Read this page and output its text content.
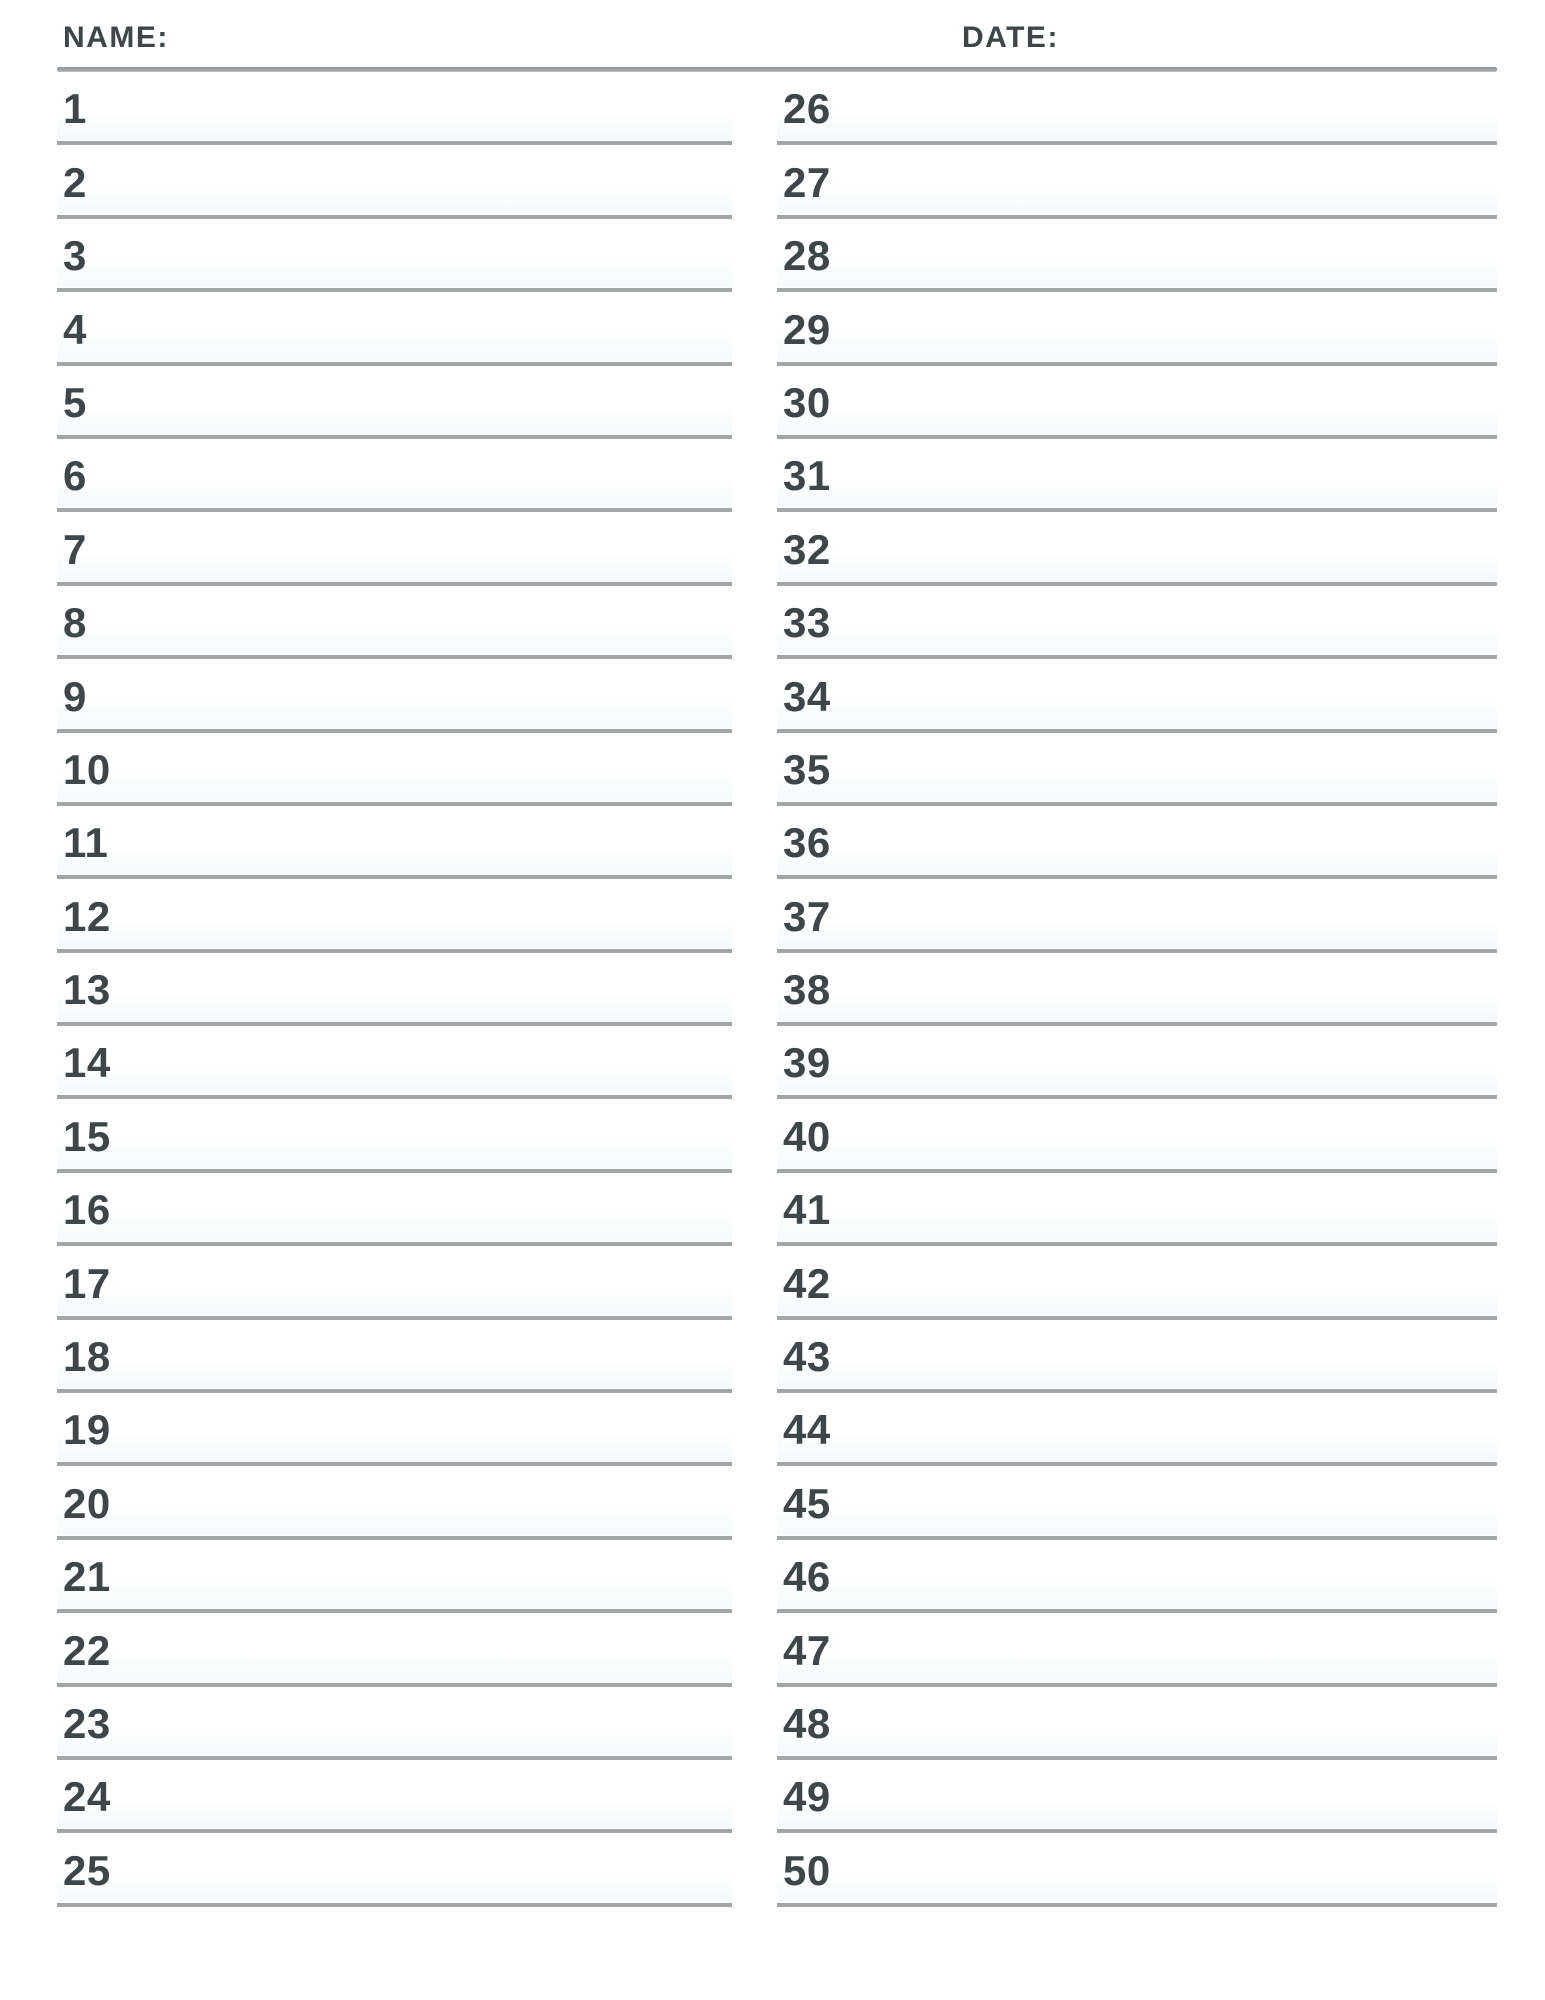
NAME:	DATE:
1
2
3
4
5
6
7
8
9
10
11
12
13
14
15
16
17
18
19
20
21
22
23
24
25
26
27
28
29
30
31
32
33
34
35
36
37
38
39
40
41
42
43
44
45
46
47
48
49
50
